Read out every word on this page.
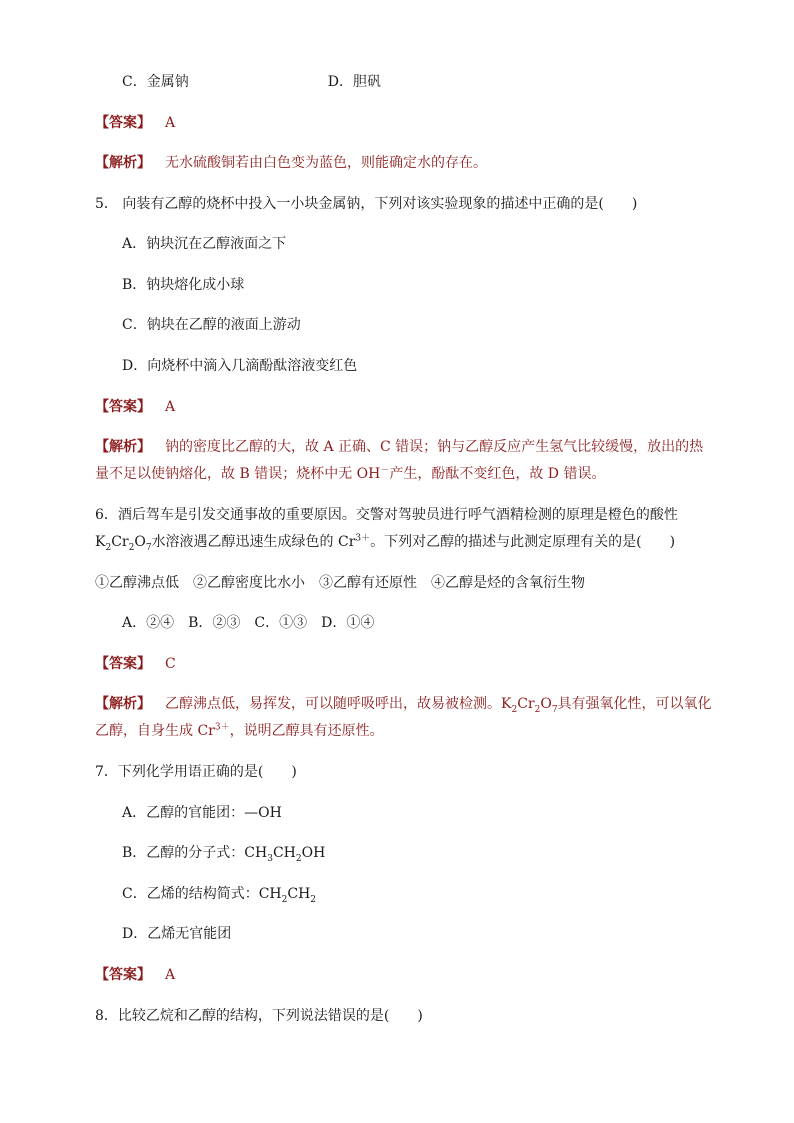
C．金属钠	D．胆矾
【答案】 A
【解析】 无水硫酸铜若由白色变为蓝色，则能确定水的存在。
5． 向装有乙醇的烧杯中投入一小块金属钠，下列对该实验现象的描述中正确的是(　　)
A．钠块沉在乙醇液面之下
B．钠块熔化成小球
C．钠块在乙醇的液面上游动
D．向烧杯中滴入几滴酚酞溶液变红色
【答案】 A
【解析】 钠的密度比乙醇的大，故 A 正确、C 错误；钠与乙醇反应产生氢气比较缓慢，放出的热
量不足以使钠熔化，故 B 错误；烧杯中无 OH－产生，酚酞不变红色，故 D 错误。
6．酒后驾车是引发交通事故的重要原因。交警对驾驶员进行呼气酒精检测的原理是橙色的酸性
$K_2Cr_2O_7$水溶液遇乙醇迅速生成绿色的 $Cr^{3+}$。下列对乙醇的描述与此测定原理有关的是(　　)
①乙醇沸点低　②乙醇密度比水小　③乙醇有还原性　④乙醇是烃的含氧衍生物
A．②④　B．②③　C．①③　D．①④
【答案】 C
【解析】 乙醇沸点低，易挥发，可以随呼吸呼出，故易被检测。$K_2Cr_2O_7$具有强氧化性，可以氧化
乙醇，自身生成 $Cr^{3+}$，说明乙醇具有还原性。
7．下列化学用语正确的是(　　)
A．乙醇的官能团：—OH
B．乙醇的分子式：$CH_3CH_2OH$
C．乙烯的结构简式：$CH_2CH_2$
D．乙烯无官能团
【答案】 A
8．比较乙烷和乙醇的结构，下列说法错误的是(　　)
